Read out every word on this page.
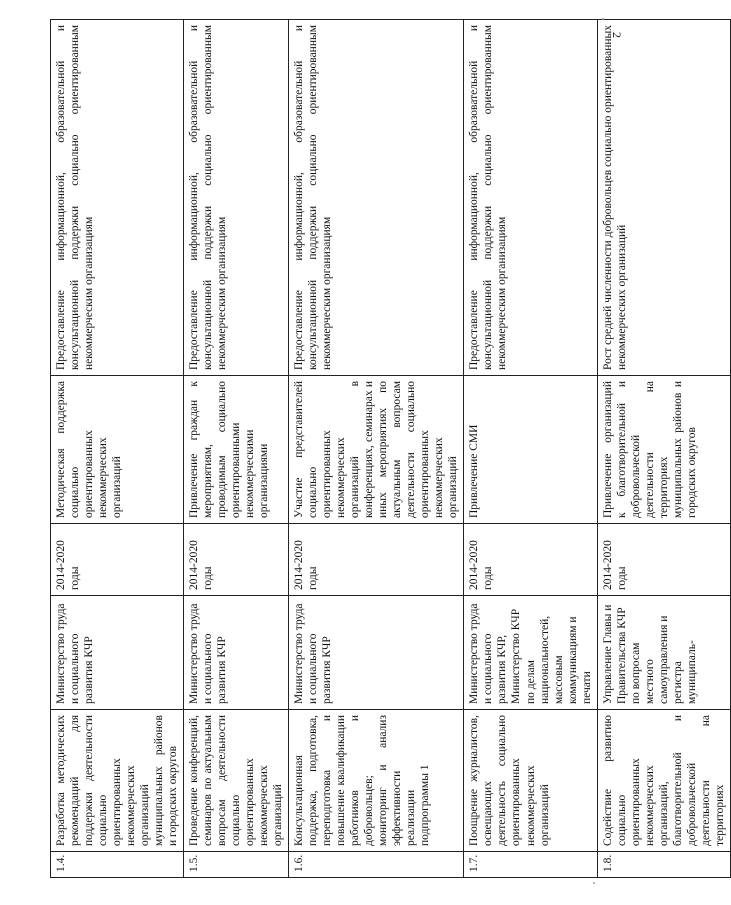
2
1.4.	Разработка методических рекомендаций для поддержки деятельности социально ориентированных некоммерческих организаций муниципальных районов и городских округов	Министерство труда и социального развития КЧР	2014-2020 годы	Методическая поддержка социально ориентированных некоммерческих организаций	Предоставление информационной, образовательной и консультационной поддержки социально ориентированным некоммерческим организациям
1.5.	Проведение конференций, семинаров по актуальным вопросам деятельности социально ориентированных некоммерческих организаций	Министерство труда и социального развития КЧР	2014-2020 годы	Привлечение граждан к мероприятиям, проводимым социально ориентированными некоммерческими организациями	Предоставление информационной, образовательной и консультационной поддержки социально ориентированным некоммерческим организациям
1.6.	Консультационная поддержка, подготовка, переподготовка и повышение квалификации работников и добровольцев; мониторинг и анализ эффективности реализации подпрограммы 1	Министерство труда и социального развития КЧР	2014-2020 годы	Участие представителей социально ориентированных некоммерческих организаций в конференциях, семинарах и иных мероприятиях по актуальным вопросам деятельности социально ориентированных некоммерческих организаций	Предоставление информационной, образовательной и консультационной поддержки социально ориентированным некоммерческим организациям
1.7.	Поощрение журналистов, освещающих деятельность социально ориентированных некоммерческих организаций	Министерство труда и социального развития КЧР, Министерство КЧР по делам национальностей, массовым коммуникациям и печати	2014-2020 годы	Привлечение СМИ	Предоставление информационной, образовательной и консультационной поддержки социально ориентированным некоммерческим организациям
1.8.	Содействие развитию социально ориентированных некоммерческих организаций, благотворительной и добровольческой деятельности на территориях	Управление Главы и Правительства КЧР по вопросам местного самоуправления и регистра муниципаль-	2014-2020 годы	Привлечение организаций к благотворительной и добровольческой деятельности на территориях муниципальных районов и городских округов	Рост средней численности добровольцев социально ориентированных некоммерческих организаций
